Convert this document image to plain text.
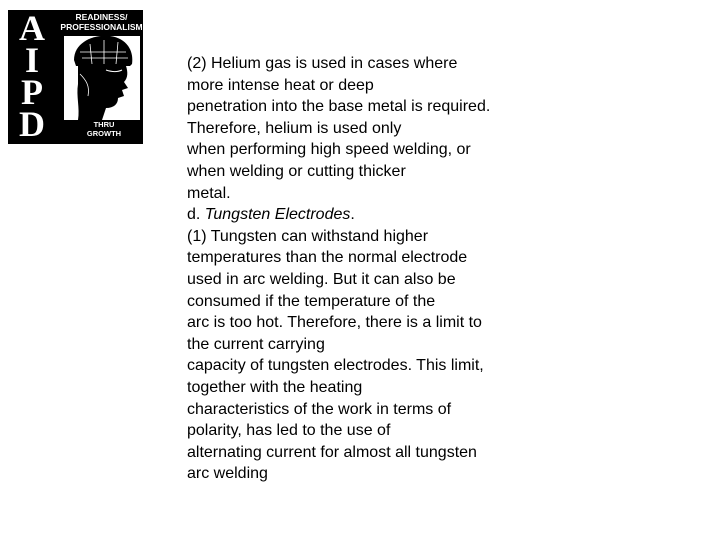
A
I
P
D
READINESS/
PROFESSIONALISM
THRU
GROWTH
(2) Helium gas is used in cases where
more intense heat or deep
penetration into the base metal is required.
Therefore, helium is used only
when performing high speed welding, or
when welding or cutting thicker
metal.
d. Tungsten Electrodes.
(1) Tungsten can withstand higher
temperatures than the normal electrode
used in arc welding. But it can also be
consumed if the temperature of the
arc is too hot. Therefore, there is a limit to
the current carrying
capacity of tungsten electrodes. This limit,
together with the heating
characteristics of the work in terms of
polarity, has led to the use of
alternating current for almost all tungsten
arc welding
